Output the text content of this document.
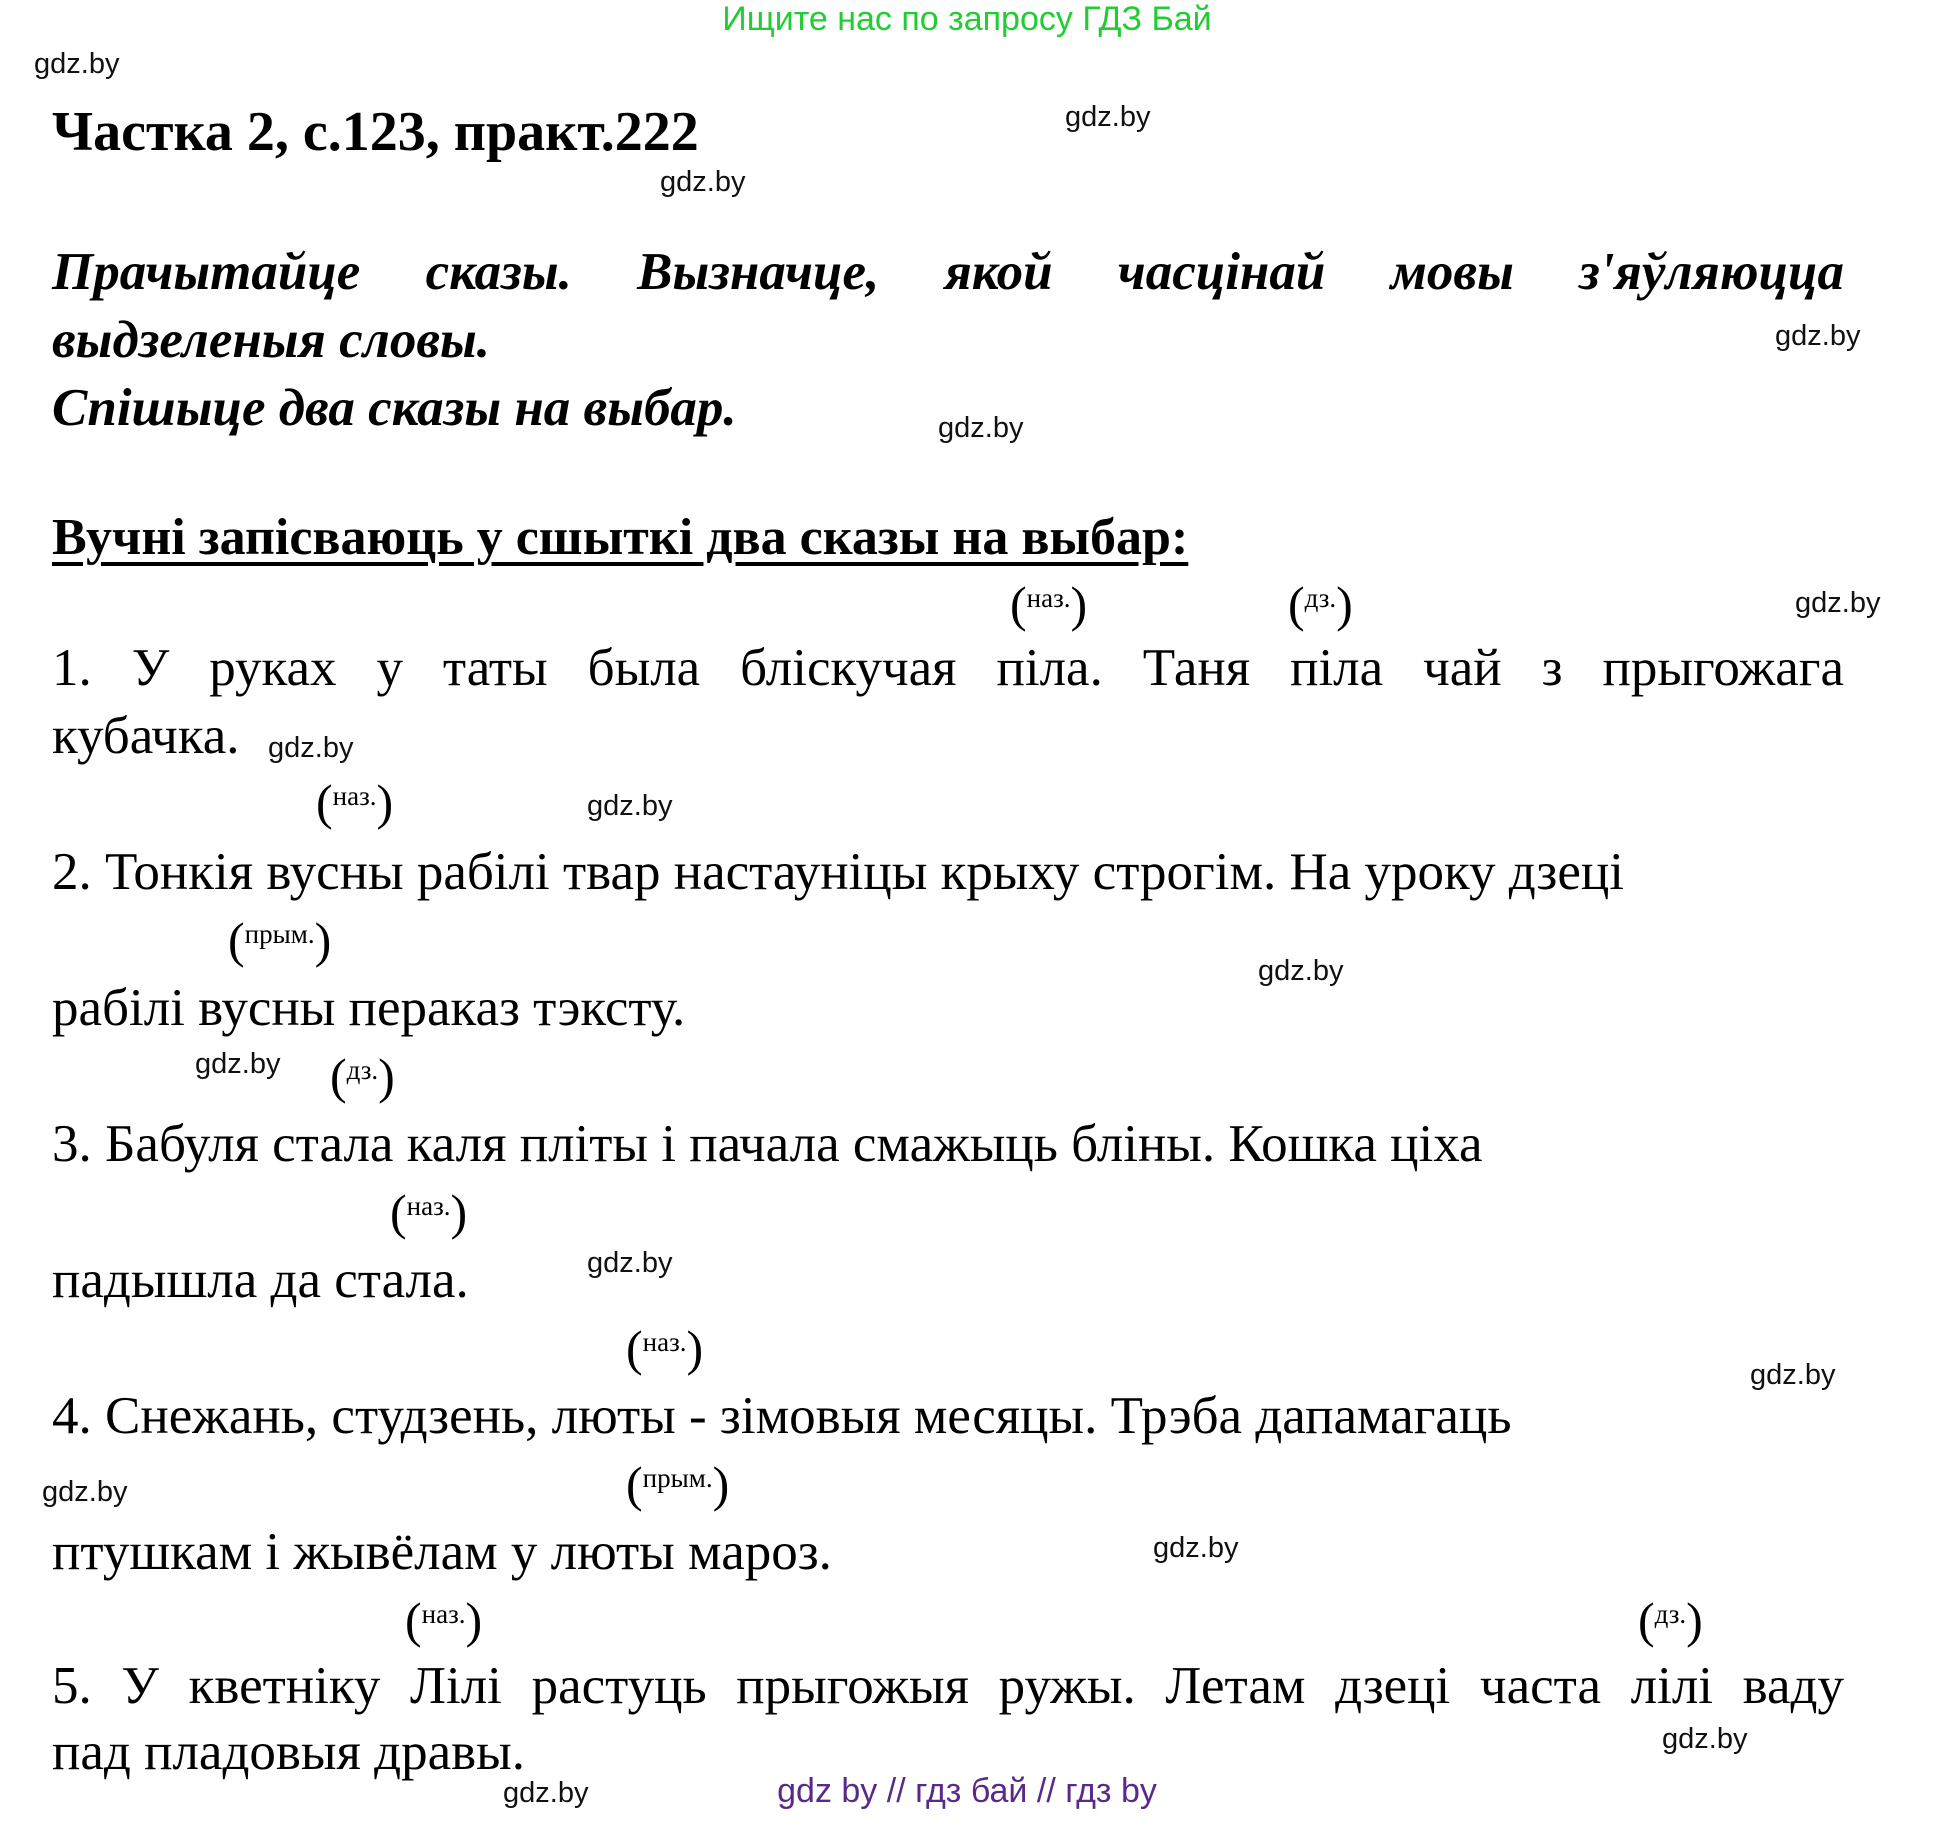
Ищите нас по запросу ГДЗ Бай
gdz.by
gdz.by
gdz.by
gdz.by
gdz.by
gdz.by
gdz.by
gdz.by
gdz.by
gdz.by
gdz.by
gdz.by
gdz.by
gdz.by
gdz.by
gdz.by
Частка 2, с.123, практ.222
Прачытайце сказы. Вызначце, якой часцінай мовы з'яўляюцца
выдзеленыя словы.
Спішыце два сказы на выбар.
Вучні запісваюць у сшыткі два сказы на выбар:
(наз.)	(дз.)
1. У руках у таты была блiскучая пiла. Таня пiла чай з прыгожага
кубачка.
(наз.)
2. Тонкiя вусны рабiлi твар настаунiцы крыху строгiм. На уроку дзецi
(прым.)
рабiлi вусны пераказ тэксту.
(дз.)
3. Бабуля стала каля плiты i пачала смажыць блiны. Кошка цiха
(наз.)
падышла да стала.
(наз.)
4. Снежань, студзень, люты - зiмовыя месяцы. Трэба дапамагаць
(прым.)
птушкам i жывёлам у люты мароз.
(наз.)	(дз.)
5. У кветнiку Лiлi растуць прыгожыя ружы. Летам дзецi часта лiлi ваду
пад пладовыя дравы.
gdz by // гдз бай // гдз by
